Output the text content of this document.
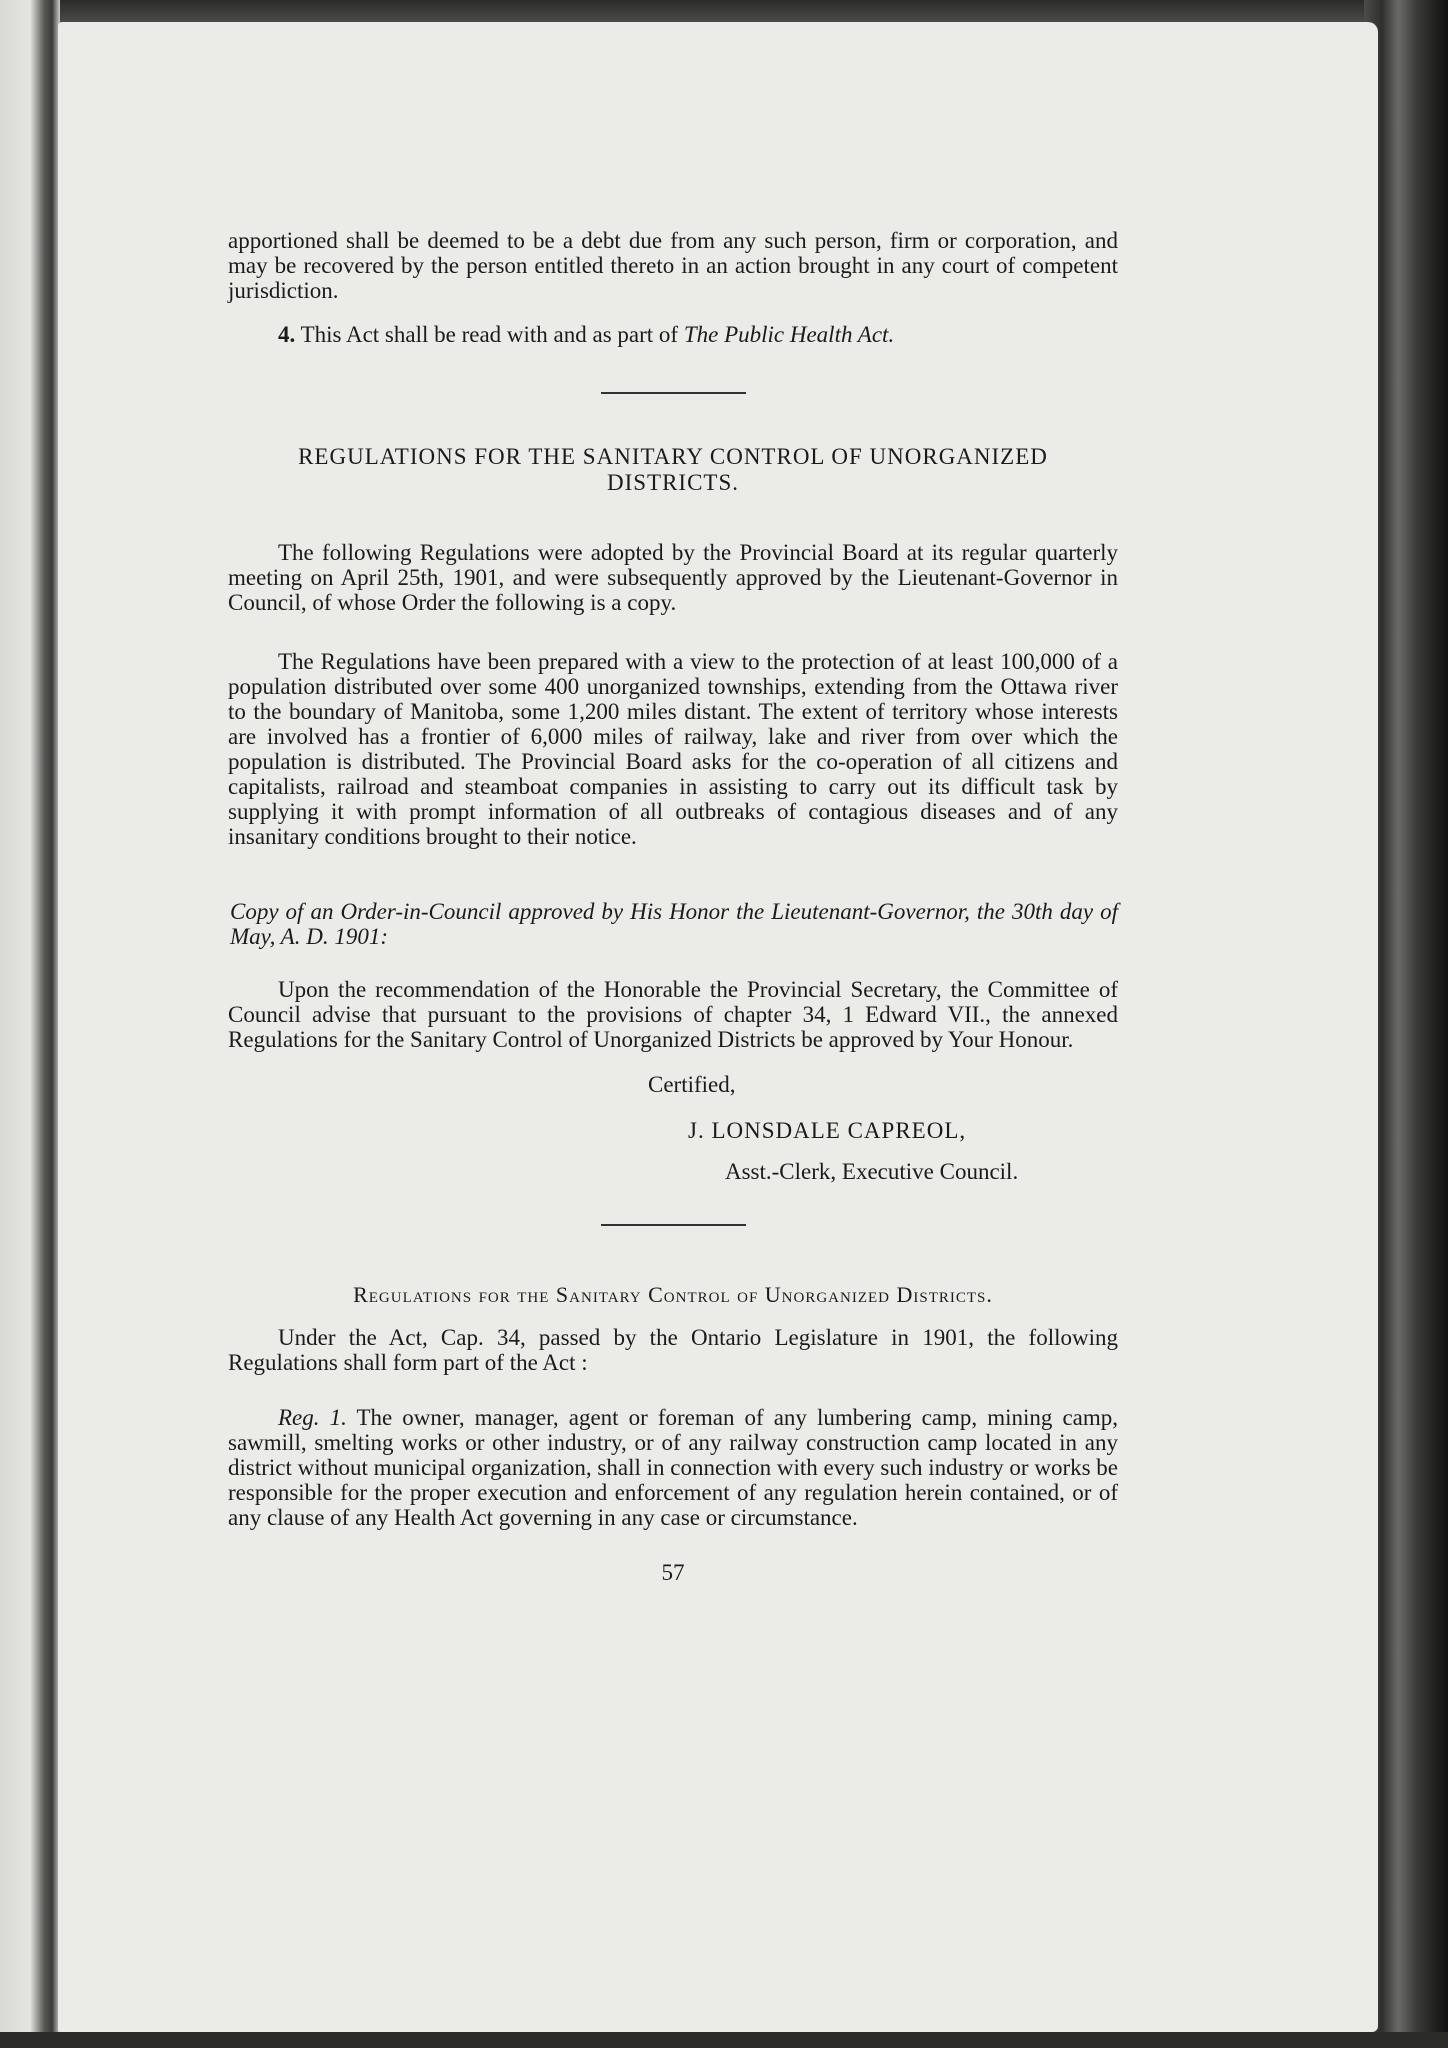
apportioned shall be deemed to be a debt due from any such person, firm or corporation, and may be recovered by the person entitled thereto in an action brought in any court of competent jurisdiction.

4. This Act shall be read with and as part of The Public Health Act.

REGULATIONS FOR THE SANITARY CONTROL OF UNORGANIZED DISTRICTS.

The following Regulations were adopted by the Provincial Board at its regular quarterly meeting on April 25th, 1901, and were subsequently approved by the Lieutenant-Governor in Council, of whose Order the following is a copy.

The Regulations have been prepared with a view to the protection of at least 100,000 of a population distributed over some 400 unorganized townships, extending from the Ottawa river to the boundary of Manitoba, some 1,200 miles distant. The extent of territory whose interests are involved has a frontier of 6,000 miles of railway, lake and river from over which the population is distributed. The Provincial Board asks for the co-operation of all citizens and capitalists, railroad and steamboat companies in assisting to carry out its difficult task by supplying it with prompt information of all outbreaks of contagious diseases and of any insanitary conditions brought to their notice.

Copy of an Order-in-Council approved by His Honor the Lieutenant-Governor, the 30th day of May, A. D. 1901:

Upon the recommendation of the Honorable the Provincial Secretary, the Committee of Council advise that pursuant to the provisions of chapter 34, 1 Edward VII., the annexed Regulations for the Sanitary Control of Unorganized Districts be approved by Your Honour.

Certified,
J. LONSDALE CAPREOL,
Asst.-Clerk, Executive Council.
Regulations for the Sanitary Control of Unorganized Districts.

Under the Act, Cap. 34, passed by the Ontario Legislature in 1901, the following Regulations shall form part of the Act :

Reg. 1. The owner, manager, agent or foreman of any lumbering camp, mining camp, sawmill, smelting works or other industry, or of any railway construction camp located in any district without municipal organization, shall in connection with every such industry or works be responsible for the proper execution and enforcement of any regulation herein contained, or of any clause of any Health Act governing in any case or circumstance.

57
